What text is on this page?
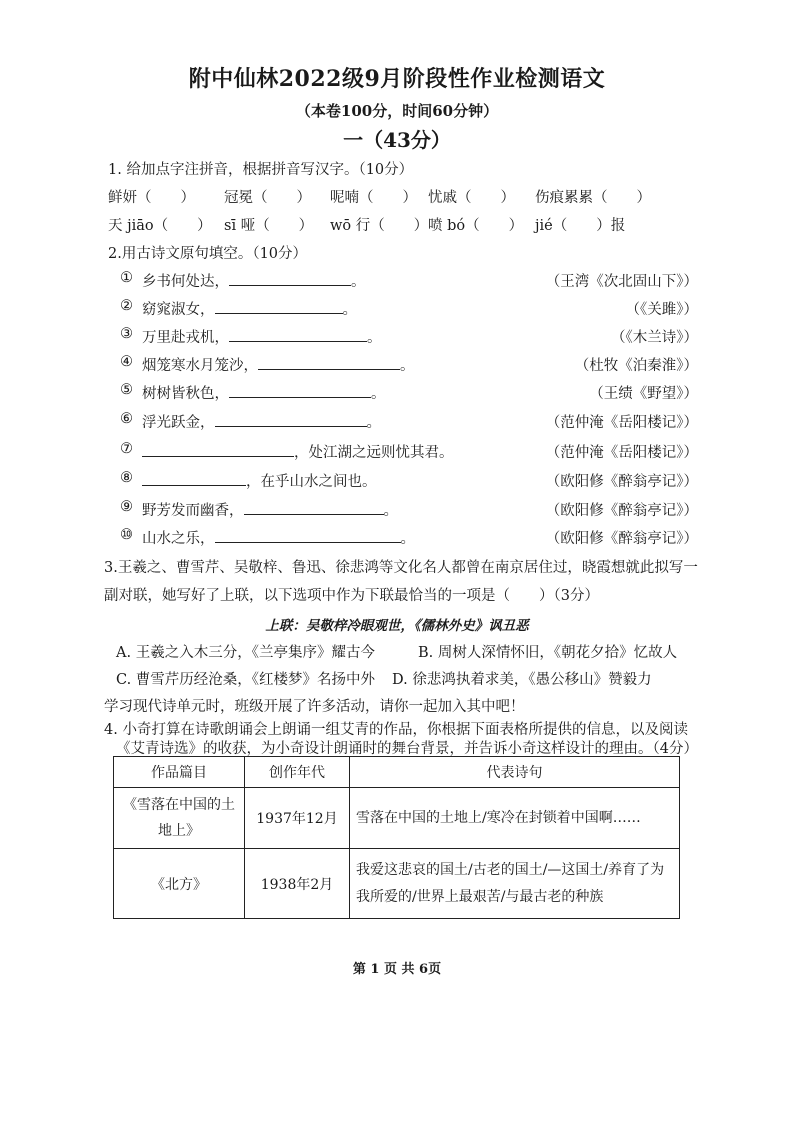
附中仙林2022级9月阶段性作业检测语文
（本卷100分，时间60分钟）
一（43分）
1. 给加点字注拼音，根据拼音写汉字。（10分）
鲜妍（　　） 冠冕（　　） 呢喃（　　） 忧戚（　　） 伤痕累累（　　）
天 jiāo（　　） sī 哑（　　） wō 行（　　） 喷 bó（　　） jié（　　）报
2.用古诗文原句填空。（10分）
① 乡书何处达，	。	（王湾《次北固山下》）
② 窈窕淑女，	。	（《关雎》）
③ 万里赴戎机，	。	（《木兰诗》）
④ 烟笼寒水月笼沙，	。	（杜牧《泊秦淮》）
⑤ 树树皆秋色，	。	（王绩《野望》）
⑥ 浮光跃金，	。	（范仲淹《岳阳楼记》）
⑦	，处江湖之远则忧其君。	（范仲淹《岳阳楼记》）
⑧	，在乎山水之间也。	（欧阳修《醉翁亭记》）
⑨ 野芳发而幽香，	。	（欧阳修《醉翁亭记》）
⑩ 山水之乐，	。	（欧阳修《醉翁亭记》）
3.王羲之、曹雪芹、吴敬梓、鲁迅、徐悲鸿等文化名人都曾在南京居住过，晓霞想就此拟写一
副对联，她写好了上联，以下选项中作为下联最恰当的一项是（　　）（3分）
上联：吴敬梓冷眼观世，《儒林外史》讽丑恶
A. 王羲之入木三分，《兰亭集序》耀古今	B. 周树人深情怀旧，《朝花夕拾》忆故人
C. 曹雪芹历经沧桑，《红楼梦》名扬中外 D. 徐悲鸿执着求美，《愚公移山》赞毅力
学习现代诗单元时，班级开展了许多活动，请你一起加入其中吧！
4. 小奇打算在诗歌朗诵会上朗诵一组艾青的作品，你根据下面表格所提供的信息，以及阅读
作品篇目	创作年代	代表诗句
《雪落在中国的土地上》	1937年12月	雪落在中国的土地上/寒冷在封锁着中国啊……
《北方》	1938年2月	我爱这悲哀的国土/古老的国土/—这国土/养育了为我所爱的/世界上最艰苦/与最古老的种族
第 1 页 共 6页
《艾青诗选》的收获，为小奇设计朗诵时的舞台背景，并告诉小奇这样设计的理由。（4分）
